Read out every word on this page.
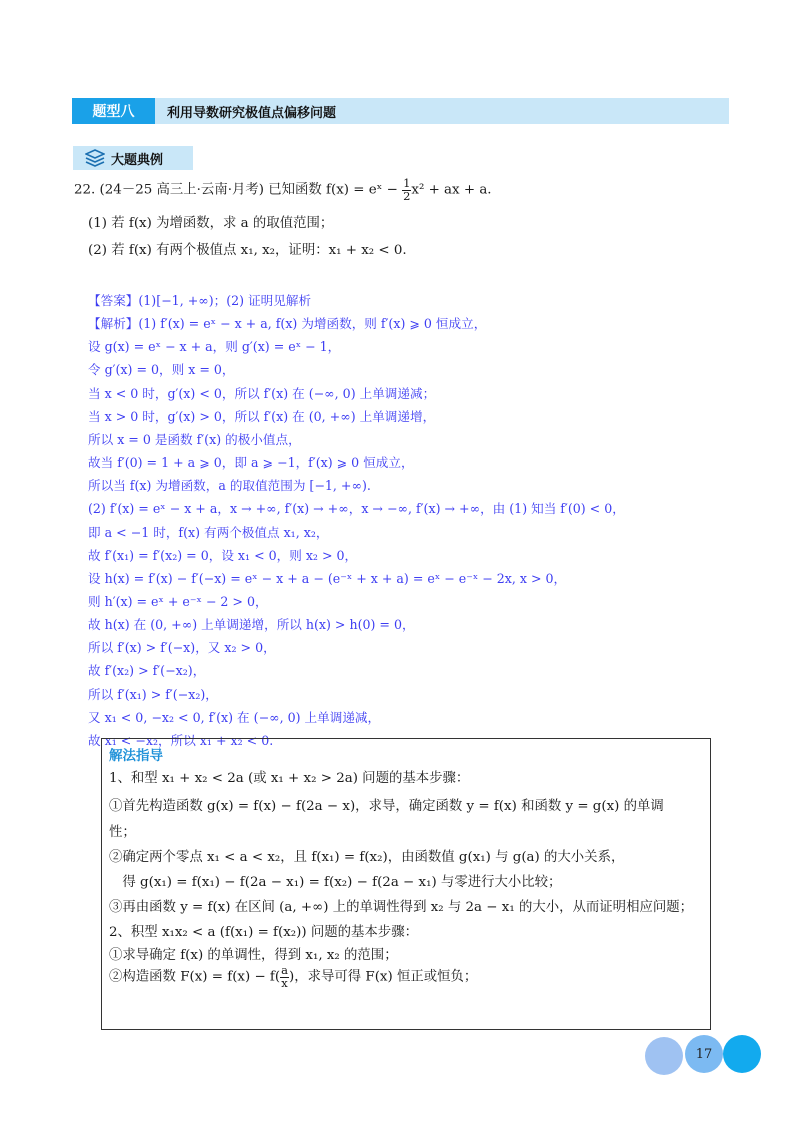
题型八	利用导数研究极值点偏移问题
大题典例
22. (24－25 高三上·云南·月考) 已知函数 f(x) = eˣ − $\frac{1}{2} x^2$ + ax + a.
(1) 若 f(x) 为增函数，求 a 的取值范围；
(2) 若 f(x) 有两个极值点 x₁, x₂，证明：x₁ + x₂ < 0.
【答案】(1)[−1, +∞)；(2) 证明见解析
【解析】(1) f′(x) = eˣ − x + a, f(x) 为增函数，则 f′(x) ⩾ 0 恒成立，
设 g(x) = eˣ − x + a，则 g′(x) = eˣ − 1，
令 g′(x) = 0，则 x = 0，
当 x < 0 时，g′(x) < 0，所以 f′(x) 在 (−∞, 0) 上单调递减；
当 x > 0 时，g′(x) > 0，所以 f′(x) 在 (0, +∞) 上单调递增，
所以 x = 0 是函数 f′(x) 的极小值点，
故当 f′(0) = 1 + a ⩾ 0，即 a ⩾ −1，f′(x) ⩾ 0 恒成立，
所以当 f(x) 为增函数，a 的取值范围为 [−1, +∞).
(2) f′(x) = eˣ − x + a，x → +∞, f′(x) → +∞，x → −∞, f′(x) → +∞，由 (1) 知当 f′(0) < 0，
即 a < −1 时，f(x) 有两个极值点 x₁, x₂，
故 f′(x₁) = f′(x₂) = 0，设 x₁ < 0，则 x₂ > 0，
设 h(x) = f′(x) − f′(−x) = eˣ − x + a − (e⁻ˣ + x + a) = eˣ − e⁻ˣ − 2x, x > 0，
则 h′(x) = eˣ + e⁻ˣ − 2 > 0，
故 h(x) 在 (0, +∞) 上单调递增，所以 h(x) > h(0) = 0，
所以 f′(x) > f′(−x)，又 x₂ > 0，
故 f′(x₂) > f′(−x₂)，
所以 f′(x₁) > f′(−x₂)，
又 x₁ < 0, −x₂ < 0, f′(x) 在 (−∞, 0) 上单调递减，
故 x₁ < −x₂，所以 x₁ + x₂ < 0.
解法指导
1、和型 x₁ + x₂ < 2a (或 x₁ + x₂ > 2a) 问题的基本步骤：
①首先构造函数 g(x) = f(x) − f(2a − x)，求导，确定函数 y = f(x) 和函数 y = g(x) 的单调
性；
②确定两个零点 x₁ < a < x₂，且 f(x₁) = f(x₂)，由函数值 g(x₁) 与 g(a) 的大小关系，
　得 g(x₁) = f(x₁) − f(2a − x₁) = f(x₂) − f(2a − x₁) 与零进行大小比较；
③再由函数 y = f(x) 在区间 (a, +∞) 上的单调性得到 x₂ 与 2a − x₁ 的大小，从而证明相应问题；
2、积型 x₁x₂ < a (f(x₁) = f(x₂)) 问题的基本步骤：
①求导确定 f(x) 的单调性，得到 x₁, x₂ 的范围；
②构造函数 $F(x) = f(x) - f( \frac{a}{x}$ )，求导可得 F(x) 恒正或恒负；
17
